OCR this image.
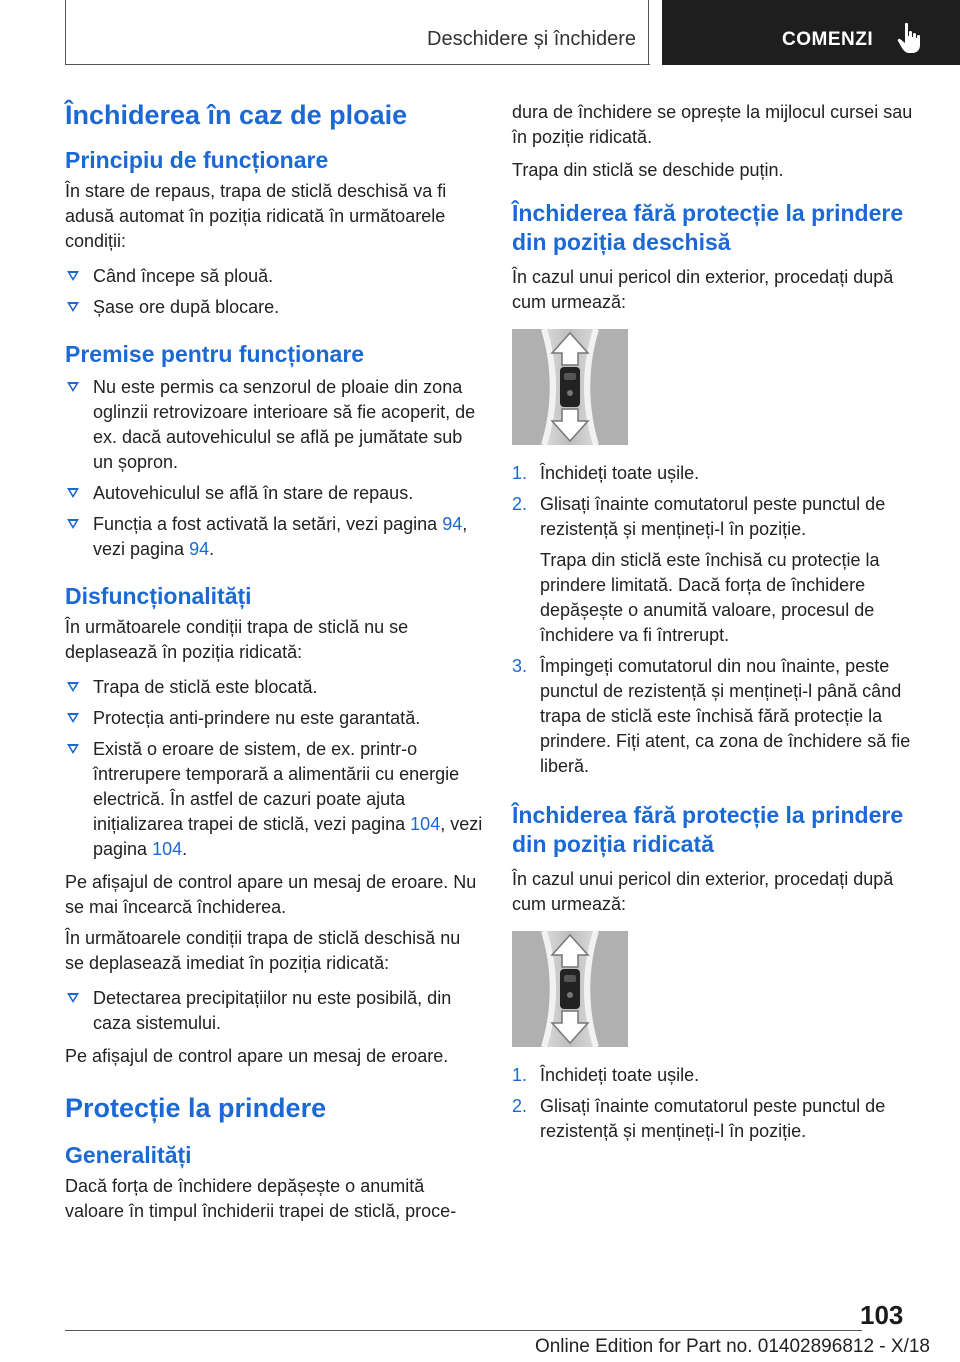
Deschidere și închidere	COMENZI
Închiderea în caz de ploaie
Principiu de funcționare

În stare de repaus, trapa de sticlă deschisă va fi adusă automat în poziția ridicată în următoarele condiții:

Când începe să plouă.
Șase ore după blocare.
Premise pentru funcționare
Nu este permis ca senzorul de ploaie din zona oglinzii retrovizoare interioare să fie acoperit, de ex. dacă autovehiculul se află pe jumătate sub un șopron.
Autovehiculul se află în stare de repaus.
Funcția a fost activată la setări, vezi pagina 94, vezi pagina 94.
Disfuncționalități

În următoarele condiții trapa de sticlă nu se deplasează în poziția ridicată:

Trapa de sticlă este blocată.
Protecția anti-prindere nu este garantată.
Există o eroare de sistem, de ex. printr-o întrerupere temporară a alimentării cu energie electrică. În astfel de cazuri poate ajuta inițializarea trapei de sticlă, vezi pagina 104, vezi pagina 104.

Pe afișajul de control apare un mesaj de eroare. Nu se mai încearcă închiderea.

În următoarele condiții trapa de sticlă deschisă nu se deplasează imediat în poziția ridicată:

Detectarea precipitațiilor nu este posibilă, din caza sistemului.

Pe afișajul de control apare un mesaj de eroare.

Protecție la prindere
Generalități

Dacă forța de închidere depășește o anumită valoare în timpul închiderii trapei de sticlă, proce-

dura de închidere se oprește la mijlocul cursei sau în poziție ridicată.

Trapa din sticlă se deschide puțin.

Închiderea fără protecție la prindere din poziția deschisă

În cazul unui pericol din exterior, procedați după cum urmează:

1. Închideți toate ușile.
2. Glisați înainte comutatorul peste punctul de rezistență și mențineți-l în poziție.
Trapa din sticlă este închisă cu protecție la prindere limitată. Dacă forța de închidere depășește o anumită valoare, procesul de închidere va fi întrerupt.
3. Împingeți comutatorul din nou înainte, peste punctul de rezistență și mențineți-l până când trapa de sticlă este închisă fără protecție la prindere. Fiți atent, ca zona de închidere să fie liberă.
Închiderea fără protecție la prindere din poziția ridicată

În cazul unui pericol din exterior, procedați după cum urmează:

1. Închideți toate ușile.
2. Glisați înainte comutatorul peste punctul de rezistență și mențineți-l în poziție.
103
Online Edition for Part no. 01402896812 - X/18
